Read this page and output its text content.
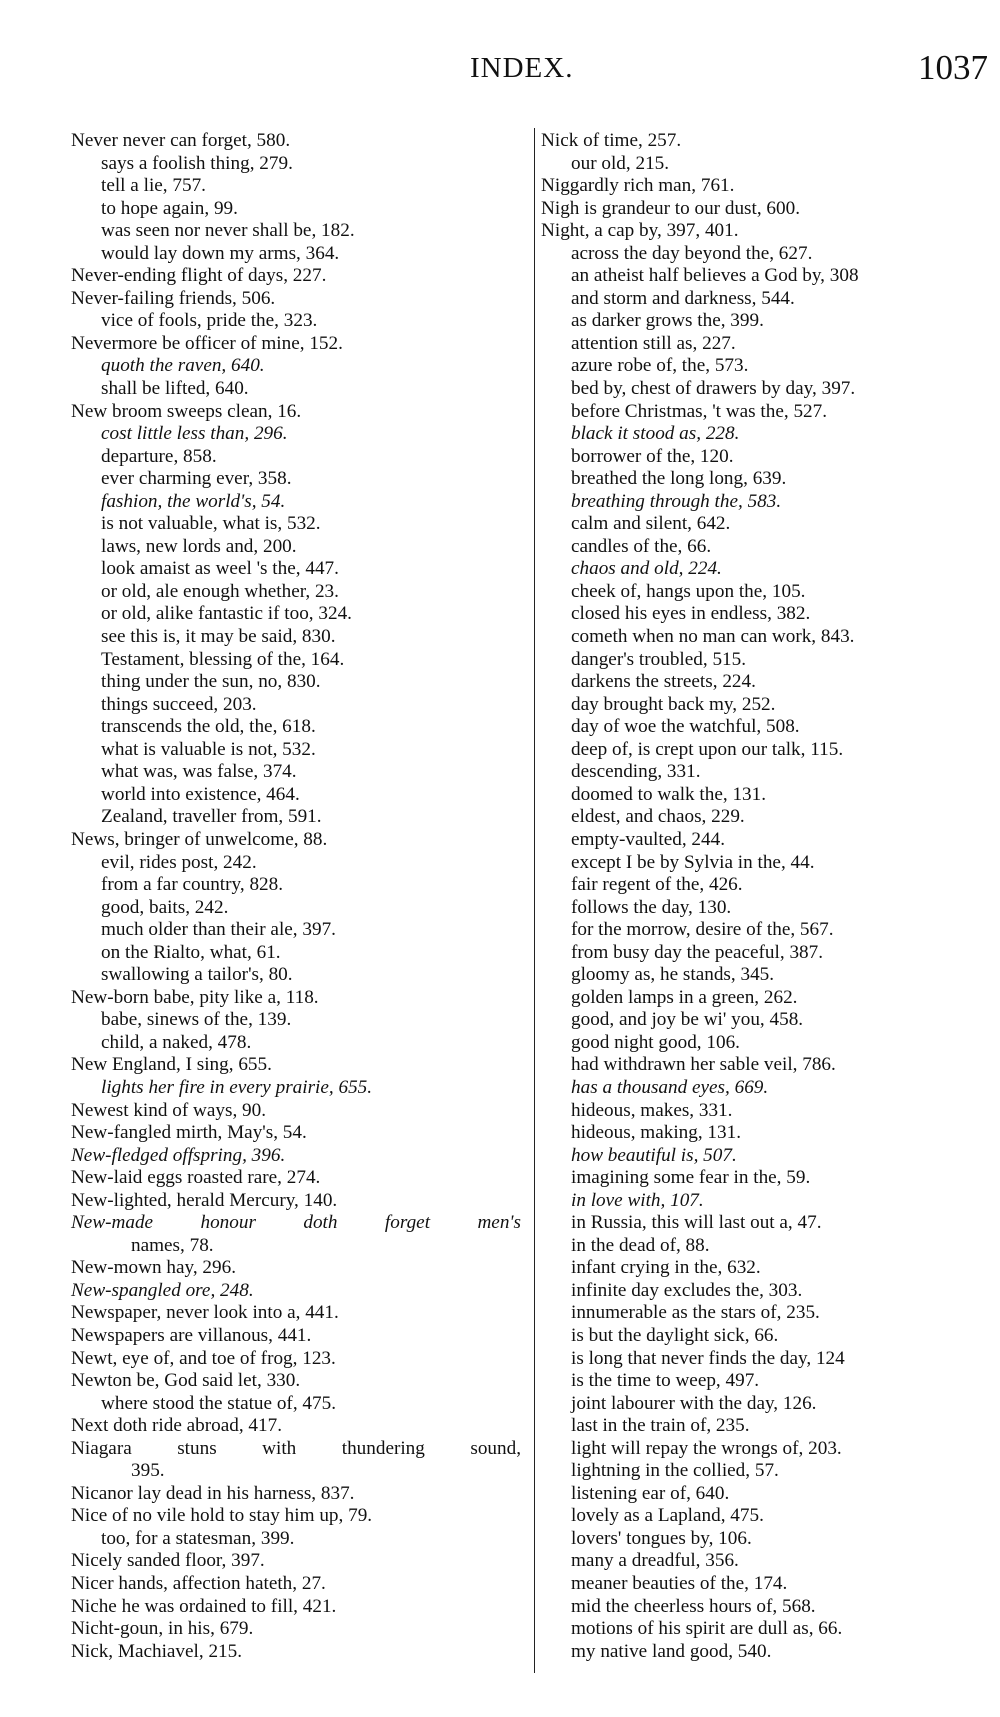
INDEX.	1037
Never never can forget, 580.
says a foolish thing, 279.
tell a lie, 757.
to hope again, 99.
was seen nor never shall be, 182.
would lay down my arms, 364.
Never-ending flight of days, 227.
Never-failing friends, 506.
vice of fools, pride the, 323.
Nevermore be officer of mine, 152.
quoth the raven, 640.
shall be lifted, 640.
New broom sweeps clean, 16.
cost little less than, 296.
departure, 858.
ever charming ever, 358.
fashion, the world's, 54.
is not valuable, what is, 532.
laws, new lords and, 200.
look amaist as weel 's the, 447.
or old, ale enough whether, 23.
or old, alike fantastic if too, 324.
see this is, it may be said, 830.
Testament, blessing of the, 164.
thing under the sun, no, 830.
things succeed, 203.
transcends the old, the, 618.
what is valuable is not, 532.
what was, was false, 374.
world into existence, 464.
Zealand, traveller from, 591.
News, bringer of unwelcome, 88.
evil, rides post, 242.
from a far country, 828.
good, baits, 242.
much older than their ale, 397.
on the Rialto, what, 61.
swallowing a tailor's, 80.
New-born babe, pity like a, 118.
babe, sinews of the, 139.
child, a naked, 478.
New England, I sing, 655.
lights her fire in every prairie, 655.
Newest kind of ways, 90.
New-fangled mirth, May's, 54.
New-fledged offspring, 396.
New-laid eggs roasted rare, 274.
New-lighted, herald Mercury, 140.
New-made honour doth forget men's
names, 78.
New-mown hay, 296.
New-spangled ore, 248.
Newspaper, never look into a, 441.
Newspapers are villanous, 441.
Newt, eye of, and toe of frog, 123.
Newton be, God said let, 330.
where stood the statue of, 475.
Next doth ride abroad, 417.
Niagara stuns with thundering sound,
395.
Nicanor lay dead in his harness, 837.
Nice of no vile hold to stay him up, 79.
too, for a statesman, 399.
Nicely sanded floor, 397.
Nicer hands, affection hateth, 27.
Niche he was ordained to fill, 421.
Nicht-goun, in his, 679.
Nick, Machiavel, 215.
Nick of time, 257.
our old, 215.
Niggardly rich man, 761.
Nigh is grandeur to our dust, 600.
Night, a cap by, 397, 401.
across the day beyond the, 627.
an atheist half believes a God by, 308
and storm and darkness, 544.
as darker grows the, 399.
attention still as, 227.
azure robe of, the, 573.
bed by, chest of drawers by day, 397.
before Christmas, 't was the, 527.
black it stood as, 228.
borrower of the, 120.
breathed the long long, 639.
breathing through the, 583.
calm and silent, 642.
candles of the, 66.
chaos and old, 224.
cheek of, hangs upon the, 105.
closed his eyes in endless, 382.
cometh when no man can work, 843.
danger's troubled, 515.
darkens the streets, 224.
day brought back my, 252.
day of woe the watchful, 508.
deep of, is crept upon our talk, 115.
descending, 331.
doomed to walk the, 131.
eldest, and chaos, 229.
empty-vaulted, 244.
except I be by Sylvia in the, 44.
fair regent of the, 426.
follows the day, 130.
for the morrow, desire of the, 567.
from busy day the peaceful, 387.
gloomy as, he stands, 345.
golden lamps in a green, 262.
good, and joy be wi' you, 458.
good night good, 106.
had withdrawn her sable veil, 786.
has a thousand eyes, 669.
hideous, makes, 331.
hideous, making, 131.
how beautiful is, 507.
imagining some fear in the, 59.
in love with, 107.
in Russia, this will last out a, 47.
in the dead of, 88.
infant crying in the, 632.
infinite day excludes the, 303.
innumerable as the stars of, 235.
is but the daylight sick, 66.
is long that never finds the day, 124
is the time to weep, 497.
joint labourer with the day, 126.
last in the train of, 235.
light will repay the wrongs of, 203.
lightning in the collied, 57.
listening ear of, 640.
lovely as a Lapland, 475.
lovers' tongues by, 106.
many a dreadful, 356.
meaner beauties of the, 174.
mid the cheerless hours of, 568.
motions of his spirit are dull as, 66.
my native land good, 540.
